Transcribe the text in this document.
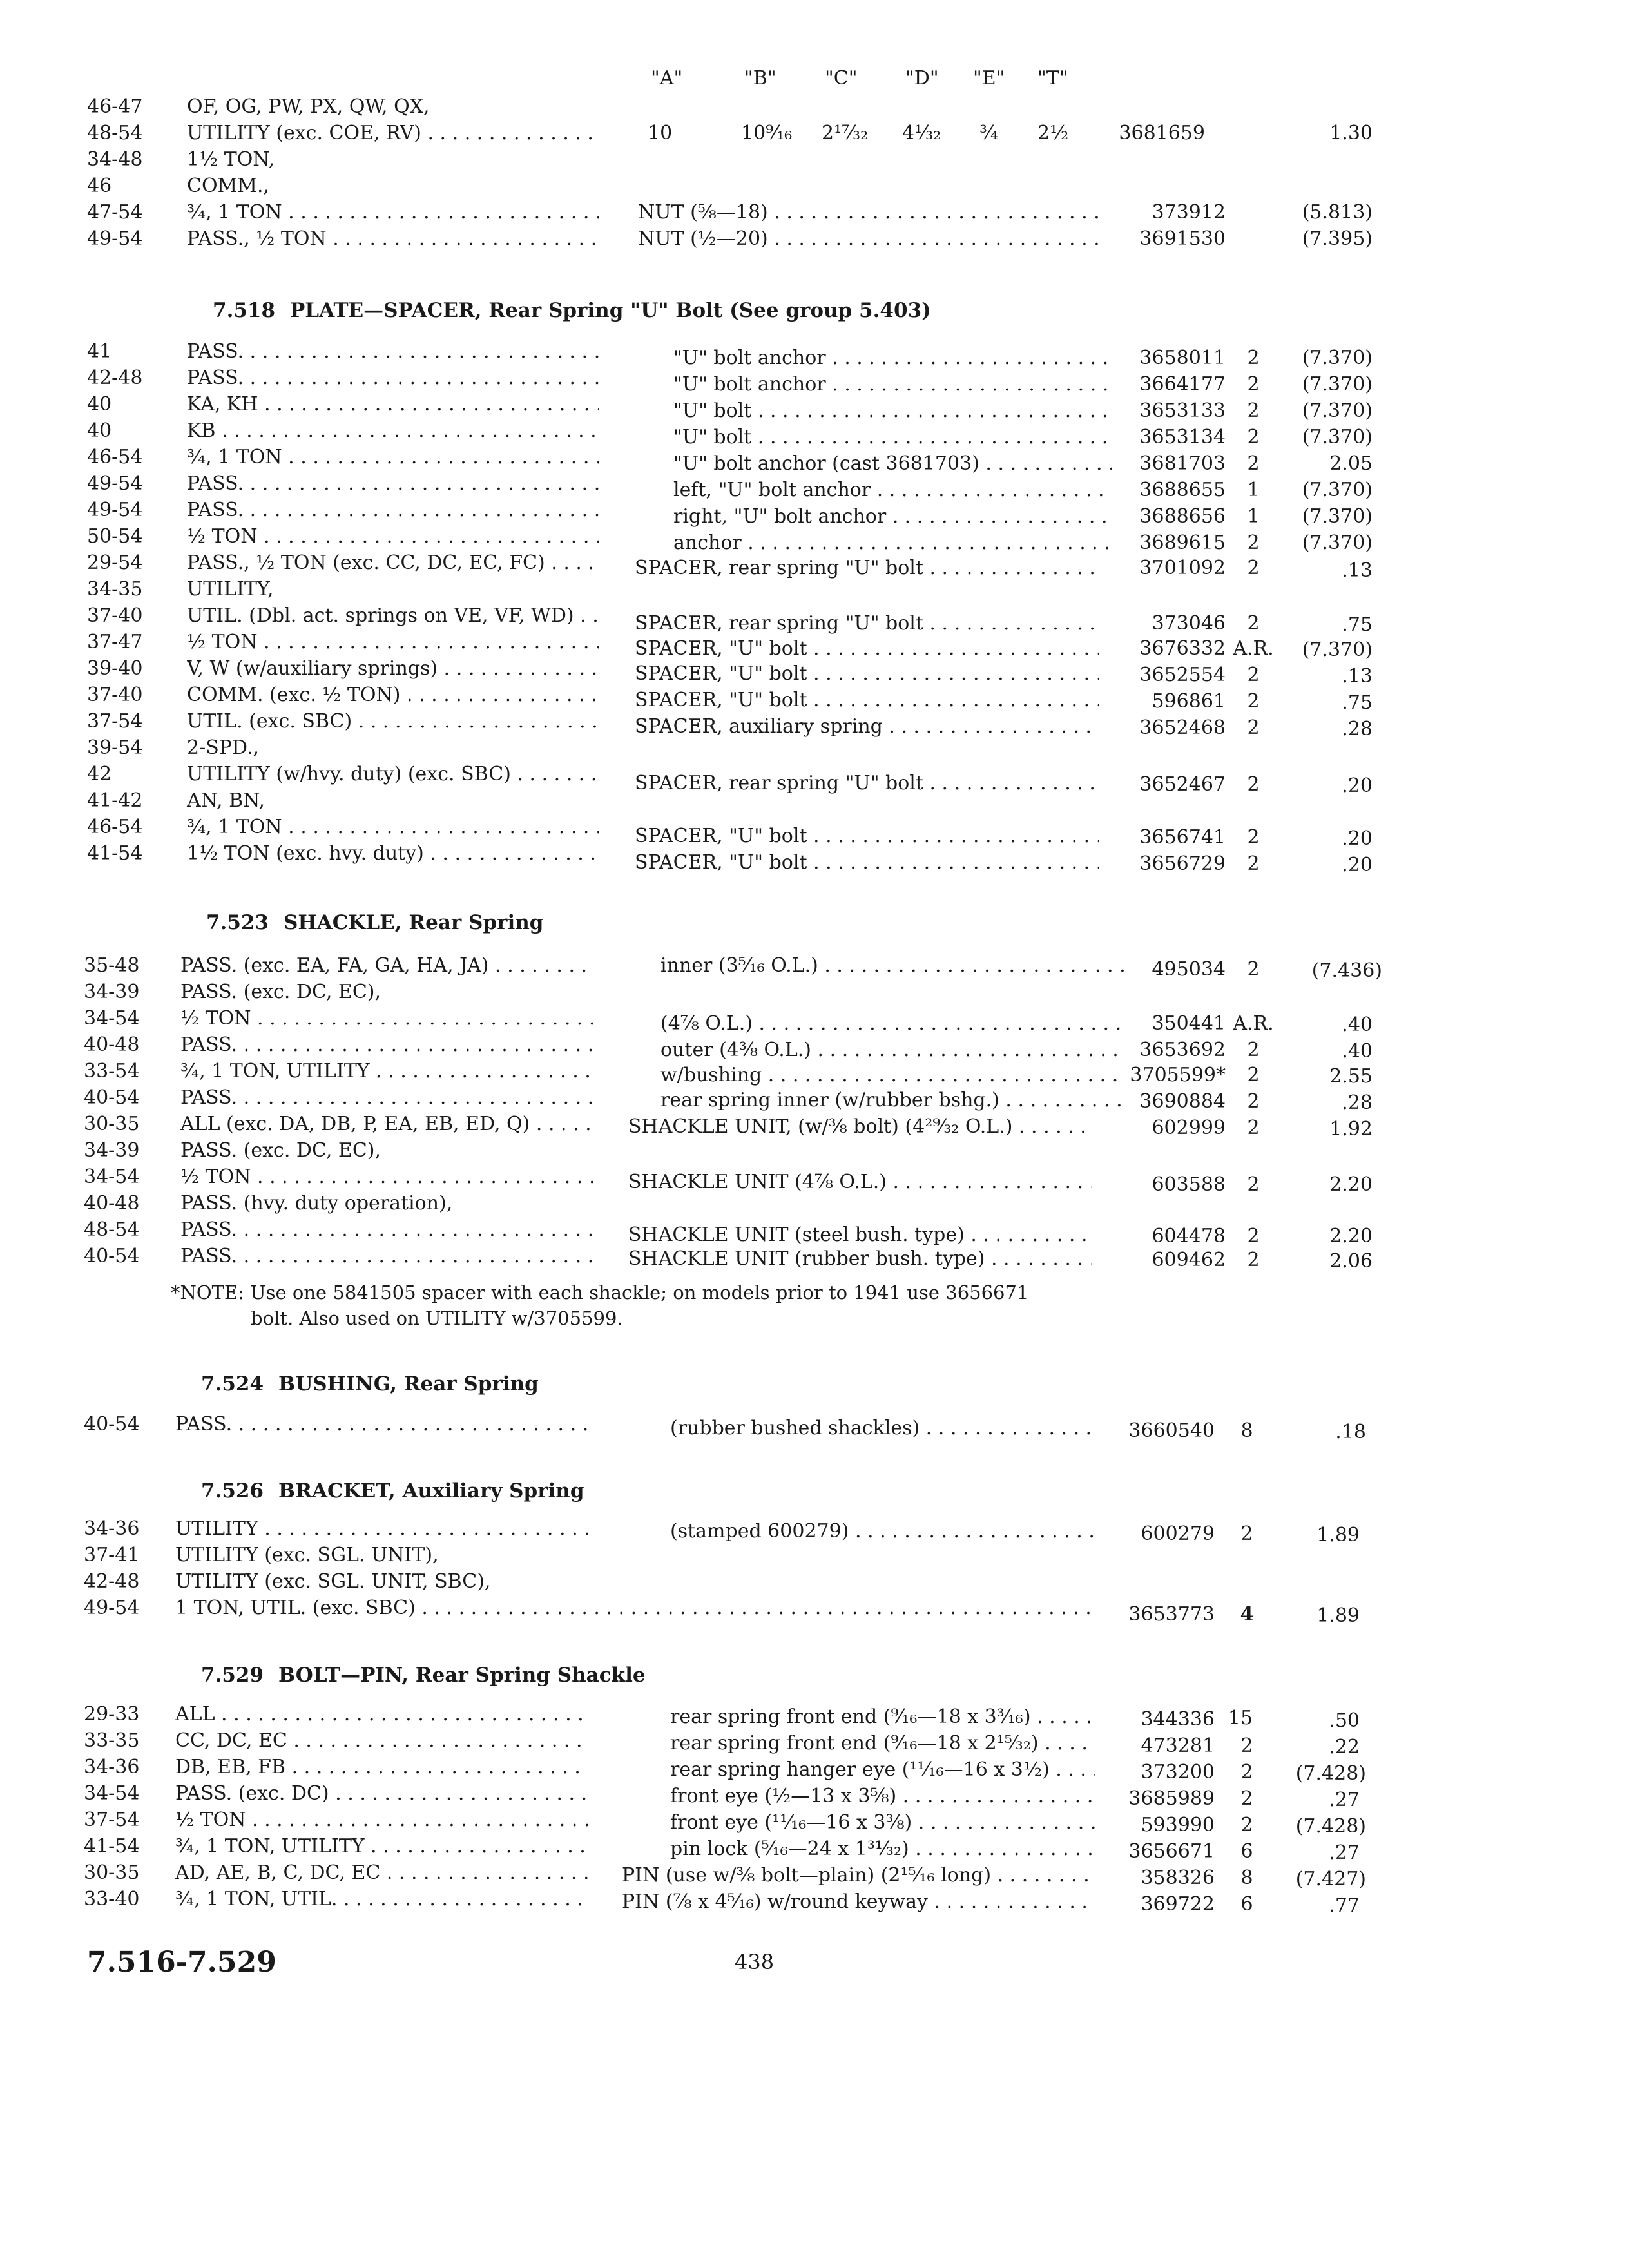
"A"	"B"	"C" "D" "E" "T"
46-47 OF, OG, PW, PX, QW, QX,
48-54 UTILITY (exc. COE, RV) . . .	10	10⁹⁄₁₆ 2¹⁷⁄₃₂ 4¹⁄₃₂ ³⁄₄ 2½	3681659	1.30
34-48 1½ TON,
46	COMM.,
47-54 ¾, 1 TON . . .	NUT (⅝—18) . . .	373912	(5.813)
49-54 PASS., ½ TON . . .	NUT (½—20) . . .	3691530	(7.395)
7.518 PLATE—SPACER, Rear Spring "U" Bolt (See group 5.403)
41	PASS. . . .	"U" bolt anchor . . .	3658011	2	(7.370)
42-48 PASS. . . .	"U" bolt anchor . . .	3664177	2	(7.370)
40	KA, KH . . .	"U" bolt . . .	3653133	2	(7.370)
40	KB . . .	"U" bolt . . .	3653134	2	(7.370)
46-54 ¾, 1 TON . . .	"U" bolt anchor (cast 3681703) . . .	3681703	2	2.05
49-54 PASS. . . .	left, "U" bolt anchor . . .	3688655	1	(7.370)
49-54 PASS. . . .	right, "U" bolt anchor . . .	3688656	1	(7.370)
50-54 ½ TON . . .	anchor . . .	3689615	2	(7.370)
29-54 PASS., ½ TON (exc. CC, DC, EC, FC) . . .	SPACER, rear spring "U" bolt . . .	3701092	2	.13
34-35 UTILITY,
37-40 UTIL. (Dbl. act. springs on VE, VF, WD) . . .	SPACER, rear spring "U" bolt . . .	373046	2	.75
37-47 ½ TON . . .	SPACER, "U" bolt . . .	3676332 A.R.	(7.370)
39-40 V, W (w/auxiliary springs) . . .	SPACER, "U" bolt . . .	3652554	2	.13
37-40 COMM. (exc. ½ TON) . . .	SPACER, "U" bolt . . .	596861	2	.75
37-54 UTIL. (exc. SBC) . . .	SPACER, auxiliary spring . . .	3652468	2	.28
39-54 2-SPD.,
42	UTILITY (w/hvy. duty) (exc. SBC) . . .	SPACER, rear spring "U" bolt . . .	3652467	2	.20
41-42 AN, BN,
46-54 ¾, 1 TON . . .	SPACER, "U" bolt . . .	3656741	2	.20
41-54 1½ TON (exc. hvy. duty) . . .	SPACER, "U" bolt . . .	3656729	2	.20
7.523 SHACKLE, Rear Spring
35-48 PASS. (exc. EA, FA, GA, HA, JA) . . .	inner (3⁵⁄₁₆ O.L.) . . .	495034	2	(7.436)
34-39 PASS. (exc. DC, EC),
34-54 ½ TON . . .	(4⅞ O.L.) . . .	350441 A.R.	.40
40-48 PASS. . . .	outer (4⅜ O.L.) . . .	3653692	2	.40
33-54 ¾, 1 TON, UTILITY . . .	w/bushing . . .	3705599*	2	2.55
40-54 PASS. . . .	rear spring inner (w/rubber bshg.) . . .	3690884	2	.28
30-35 ALL (exc. DA, DB, P, EA, EB, ED, Q) . . .	SHACKLE UNIT, (w/⅜ bolt) (4²⁹⁄₃₂ O.L.) . . .	602999	2	1.92
34-39 PASS. (exc. DC, EC),
34-54 ½ TON . . .	SHACKLE UNIT (4⅞ O.L.) . . .	603588	2	2.20
40-48 PASS. (hvy. duty operation),
48-54 PASS. . . .	SHACKLE UNIT (steel bush. type) . . .	604478	2	2.20
40-54 PASS. . . .	SHACKLE UNIT (rubber bush. type) . . .	609462	2	2.06
*NOTE: Use one 5841505 spacer with each shackle; on models prior to 1941 use 3656671
bolt. Also used on UTILITY w/3705599.
7.524 BUSHING, Rear Spring
40-54 PASS. . . .	(rubber bushed shackles) . . .	3660540	8	.18
7.526 BRACKET, Auxiliary Spring
34-36 UTILITY . . .	(stamped 600279) . . .	600279	2	1.89
37-41 UTILITY (exc. SGL. UNIT),
42-48 UTILITY (exc. SGL. UNIT, SBC),
49-54 1 TON, UTIL. (exc. SBC) . . .	3653773	4	1.89
7.529 BOLT—PIN, Rear Spring Shackle
29-33 ALL . . .	rear spring front end (⁹⁄₁₆—18 x 3³⁄₁₆) . . .	344336 15	.50
33-35 CC, DC, EC . . .	rear spring front end (⁹⁄₁₆—18 x 2¹⁵⁄₃₂) . . .	473281	2	.22
34-36 DB, EB, FB . . .	rear spring hanger eye (¹¹⁄₁₆—16 x 3½) . . .	373200	2	(7.428)
34-54 PASS. (exc. DC) . . .	front eye (½—13 x 3⅝) . . .	3685989	2	.27
37-54 ½ TON . . .	front eye (¹¹⁄₁₆—16 x 3⅜) . . .	593990	2	(7.428)
41-54 ¾, 1 TON, UTILITY . . .	pin lock (⁵⁄₁₆—24 x 1³¹⁄₃₂) . . .	3656671	6	.27
30-35 AD, AE, B, C, DC, EC . . .	PIN (use w/⅜ bolt—plain) (2¹⁵⁄₁₆ long) . . .	358326	8	(7.427)
33-40 ¾, 1 TON, UTIL. . . .	PIN (⅞ x 4⁵⁄₁₆) w/round keyway . . .	369722	6	.77
7.516-7.529	438
